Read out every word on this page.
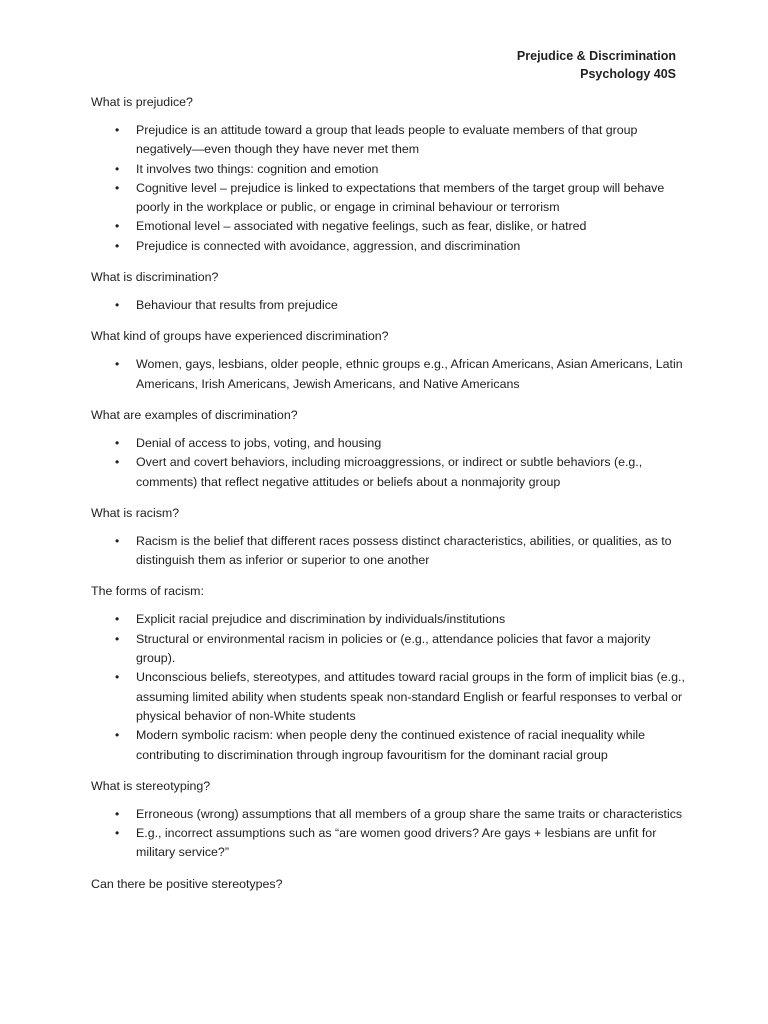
Prejudice & Discrimination
Psychology 40S

What is prejudice?

• Prejudice is an attitude toward a group that leads people to evaluate members of that group negatively—even though they have never met them
• It involves two things: cognition and emotion
• Cognitive level – prejudice is linked to expectations that members of the target group will behave poorly in the workplace or public, or engage in criminal behaviour or terrorism
• Emotional level – associated with negative feelings, such as fear, dislike, or hatred
• Prejudice is connected with avoidance, aggression, and discrimination

What is discrimination?

• Behaviour that results from prejudice

What kind of groups have experienced discrimination?

• Women, gays, lesbians, older people, ethnic groups e.g., African Americans, Asian Americans, Latin Americans, Irish Americans, Jewish Americans, and Native Americans

What are examples of discrimination?

• Denial of access to jobs, voting, and housing
• Overt and covert behaviors, including microaggressions, or indirect or subtle behaviors (e.g., comments) that reflect negative attitudes or beliefs about a nonmajority group

What is racism?

• Racism is the belief that different races possess distinct characteristics, abilities, or qualities, as to distinguish them as inferior or superior to one another

The forms of racism:

• Explicit racial prejudice and discrimination by individuals/institutions
• Structural or environmental racism in policies or (e.g., attendance policies that favor a majority group).
• Unconscious beliefs, stereotypes, and attitudes toward racial groups in the form of implicit bias (e.g., assuming limited ability when students speak non-standard English or fearful responses to verbal or physical behavior of non-White students
• Modern symbolic racism: when people deny the continued existence of racial inequality while contributing to discrimination through ingroup favouritism for the dominant racial group

What is stereotyping?

• Erroneous (wrong) assumptions that all members of a group share the same traits or characteristics
• E.g., incorrect assumptions such as “are women good drivers? Are gays + lesbians are unfit for military service?”

Can there be positive stereotypes?
